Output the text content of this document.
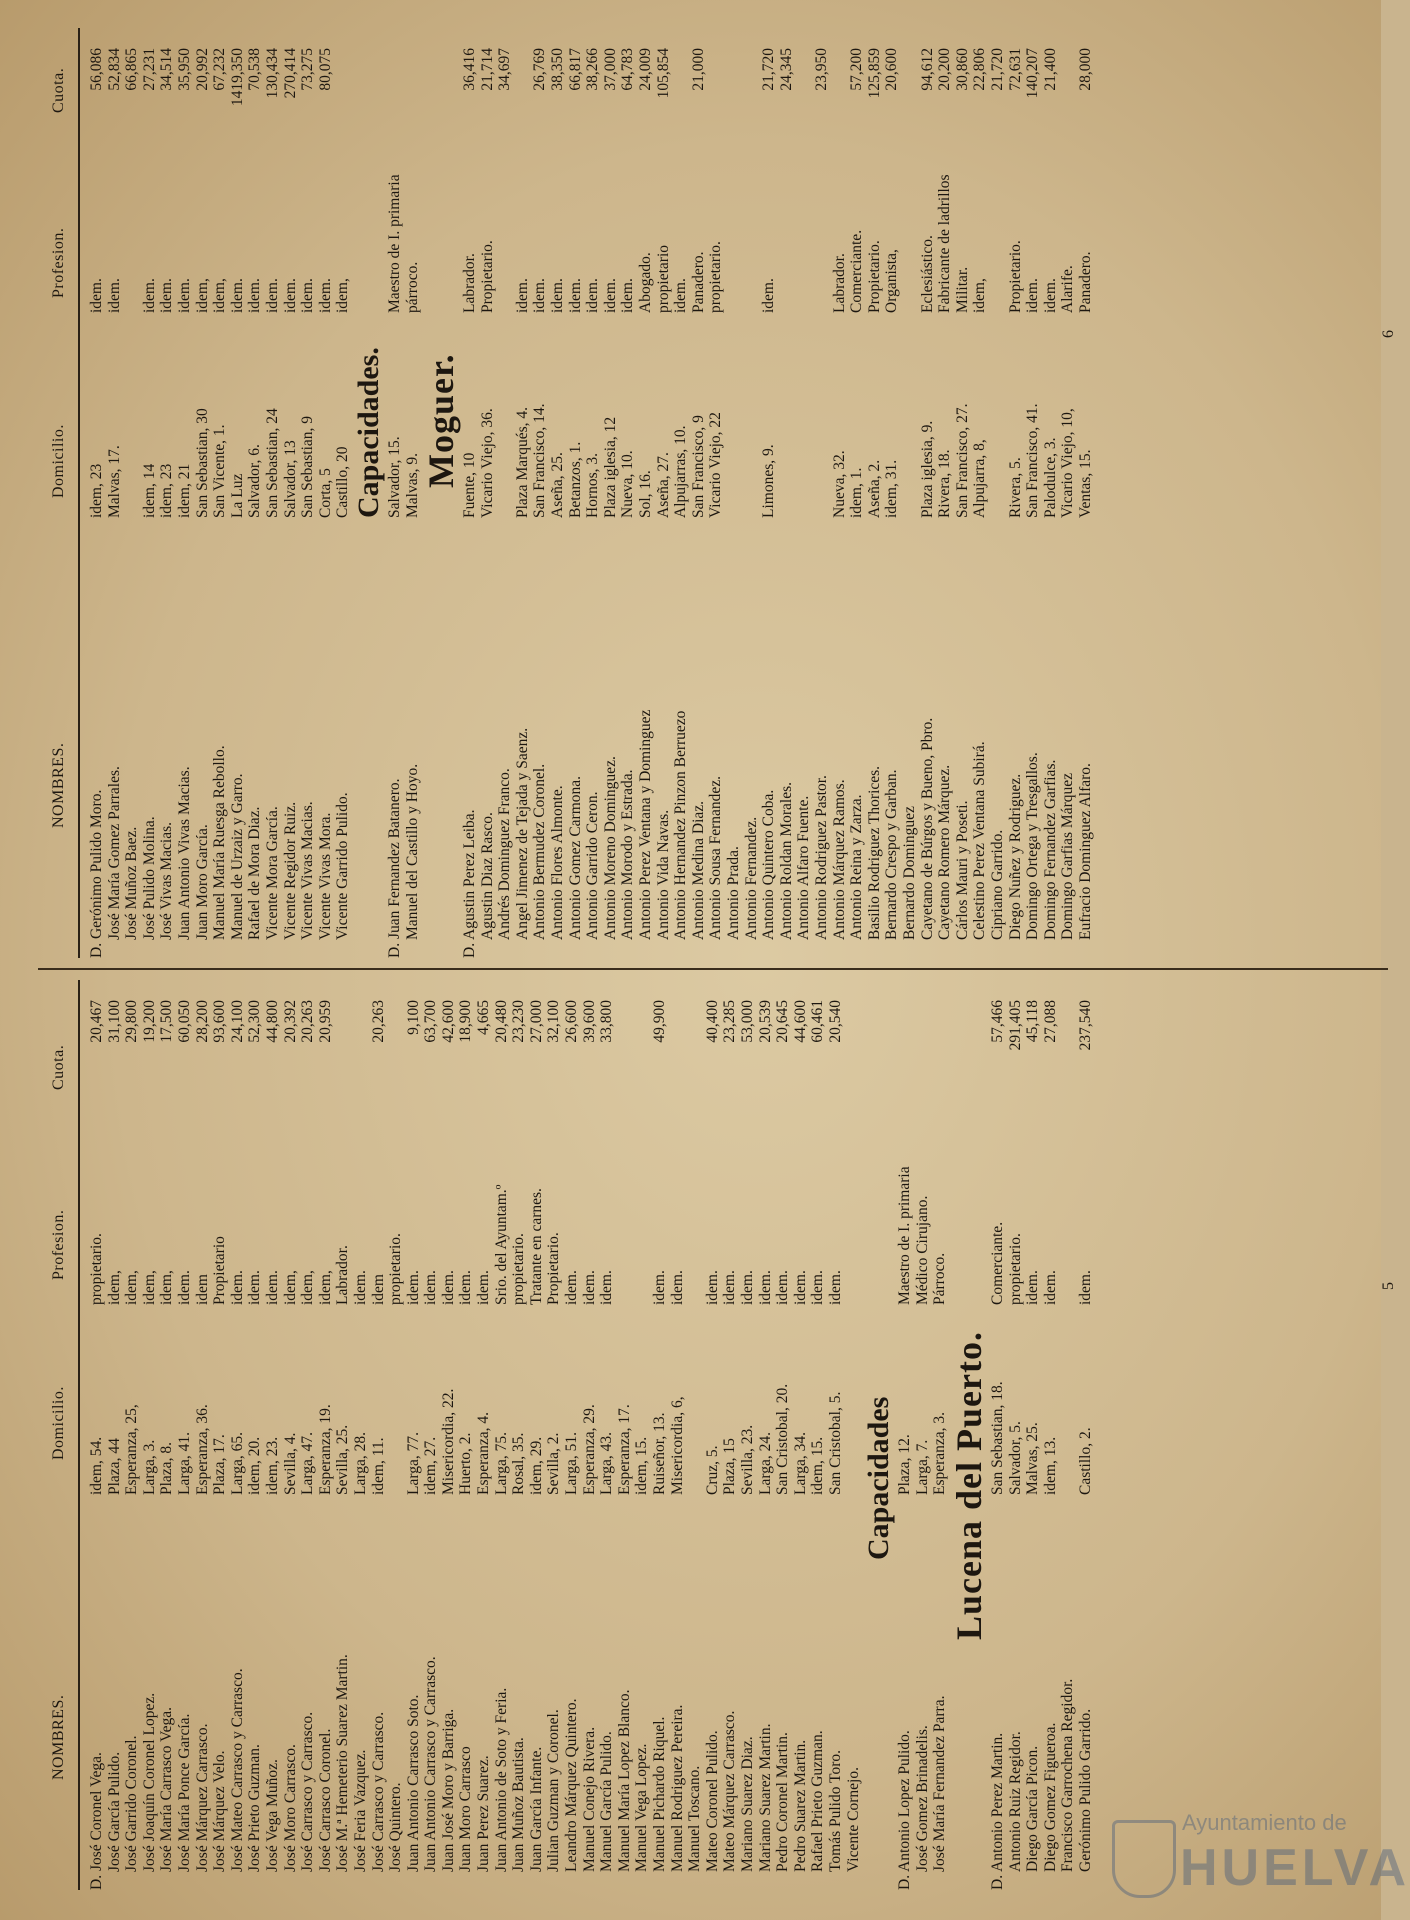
NOMBRES.
Domicilio.
Profesion.
Cuota.
D. José Coronel Vega.
idem, 54.
propietario.
20,467
José García Pulido.
Plaza, 44
idem,
31,100
José Garrido Coronel.
Esperanza, 25,
idem,
29,800
José Joaquín Coronel Lopez.
Larga, 3.
idem,
19,200
José María Carrasco Vega.
Plaza, 8.
idem,
17,500
José María Ponce García.
Larga, 41.
idem.
60,050
José Márquez Carrasco.
Esperanza, 36.
idem
28,200
José Márquez Velo.
Plaza, 17.
Propietario
93,600
José Mateo Carrasco y Carrasco.
Larga, 65.
idem.
24,100
José Prieto Guzman.
idem, 20.
idem.
52,300
José Vega Muñoz.
idem, 23.
idem.
44,800
José Moro Carrasco.
Sevilla, 4.
idem,
20,392
José Carrasco y Carrasco.
Larga, 47.
idem,
20,263
José Carrasco Coronel.
Esperanza, 19.
idem,
20,959
José M.ª Hemeterio Suarez Martin.
Sevilla, 25.
Labrador.
José Feria Vazquez.
Larga, 28.
idem.
José Carrasco y Carrasco.
idem, 11.
idem
20,263
José Quintero.
propietario.
Juan Antonio Carrasco Soto.
Larga, 77.
idem.
9,100
Juan Antonio Carrasco y Carrasco.
idem, 27.
idem.
63,700
Juan José Moro y Barriga.
Misericordia, 22.
idem.
42,600
Juan Moro Carrasco
Huerto, 2.
idem.
18,900
Juan Perez Suarez.
Esperanza, 4.
idem.
4,665
Juan Antonio de Soto y Feria.
Larga, 75.
Srio. del Ayuntam.º
20,480
Juan Muñoz Bautista.
Rosal, 35.
propietario.
23,230
Juan García Infante.
idem, 29.
Tratante en carnes.
27,000
Julian Guzman y Coronel.
Sevilla, 2.
Propietario.
32,100
Leandro Márquez Quintero.
Larga, 51.
idem.
26,600
Manuel Conejo Rivera.
Esperanza, 29.
idem.
39,600
Manuel García Pulido.
Larga, 43.
idem.
33,800
Manuel María Lopez Blanco.
Esperanza, 17.
Manuel Vega Lopez.
idem, 15.
Manuel Pichardo Riquel.
Ruiseñor, 13.
idem.
49,900
Manuel Rodriguez Pereira.
Misericordia, 6,
idem.
Manuel Toscano. Mateo Coronel Pulido.
Cruz, 5.
idem.
40,400
Mateo Márquez Carrasco.
Plaza, 15
idem.
23,285
Mariano Suarez Diaz.
Sevilla, 23.
idem.
53,000
Mariano Suarez Martin.
Larga, 24.
idem.
20,539
Pedro Coronel Martin.
San Cristobal, 20.
idem.
20,645
Pedro Suarez Martin.
Larga, 34.
idem.
44,600
Rafael Prieto Guzman.
idem, 15.
idem.
60,461
Tomás Pulido Toro.
San Cristobal, 5.
idem.
20,540
Vicente Cornejo.
Capacidades
D. Antonio Lopez Pulido.
Plaza, 12.
Maestro de I. primaria
José Gomez Brinadelis.
Larga, 7.
Médico Cirujano.
José María Fernandez Parra.
Esperanza, 3.
Párroco.
Lucena del Puerto.
D. Antonio Perez Martin.
San Sebastian, 18.
Comerciante.
57,466
Antonio Ruiz Regidor.
Salvador, 5.
propietario.
291,405
Diego García Picon.
Malvas, 25.
idem.
45,118
Diego Gomez Figueroa.
idem, 13.
idem.
27,088
Francisco Garrochena Regidor. Gerónimo Pulido Garrido.
Castillo, 2.
idem.
237,540
5
NOMBRES.
Domicilio.
Profesion.
Cuota.
D. Gerónimo Pulido Moro.
idem, 23
idem.
56,086
José María Gomez Parrales.
Malvas, 17.
idem.
52,834
José Muñoz Baez.
66,865
José Pulido Molina.
idem, 14
idem.
27,231
José Vivas Macias.
idem, 23
idem.
34,514
Juan Antonio Vivas Macias.
idem, 21
idem.
35,950
Juan Moro García.
San Sebastian, 30
idem,
20,992
Manuel María Ruesga Rebollo.
San Vicente, 1.
idem,
67,232
Manuel de Urzaiz y Garro.
La Luz
idem.
1419,350
Rafael de Mora Diaz.
Salvador, 6.
idem.
70,538
Vicente Mora García.
San Sebastian, 24
idem.
130,434
Vicente Regidor Ruiz.
Salvador, 13
idem.
270,414
Vicente Vivas Macias.
San Sebastian, 9
idem.
73,275
Vicente Vivas Mora.
Corta, 5
idem.
80,075
Vicente Garrido Pulido.
Castillo, 20
idem,
Capacidades.
D. Juan Fernandez Batanero.
Salvador, 15.
Maestro de I. primaria
Manuel del Castillo y Hoyo.
Malvas, 9.
párroco.
Moguer.
D. Agustin Perez Leiba.
Fuente, 10
Labrador.
36,416
Agustin Diaz Rasco.
Vicario Viejo, 36.
Propietario.
21,714
Andrés Dominguez Franco.
34,697
Angel Jimenez de Tejada y Saenz.
Plaza Marqués, 4.
idem.
Antonio Bermudez Coronel.
San Francisco, 14.
idem.
26,769
Antonio Flores Almonte.
Aseña, 25.
idem.
38,350
Antonio Gomez Carmona.
Betanzos, 1.
idem.
66,817
Antonio Garrido Ceron.
Hornos, 3.
idem.
38,266
Antonio Moreno Dominguez.
Plaza iglesia, 12
idem.
37,000
Antonio Morodo y Estrada.
Nueva, 10.
idem.
64,783
Antonio Perez Ventana y Dominguez
Sol, 16.
Abogado.
24,009
Antonio Vida Navas.
Aseña, 27.
propietario
105,854
Antonio Hernandez Pinzon Berruezo
Alpujarras, 10.
idem.
Antonio Medina Diaz.
San Francisco, 9
Panadero.
21,000
Antonio Sousa Fernandez.
Vicario Viejo, 22
propietario.
Antonio Prada. Antonio Fernandez. Antonio Quintero Coba.
Limones, 9.
idem.
21,720
Antonio Roldan Morales.
24,345
Antonio Alfaro Fuente. Antonio Rodriguez Pastor.
23,950
Antonio Márquez Ramos.
Nueva, 32.
Labrador.
Antonio Reina y Zarza.
idem, 1.
Comerciante.
57,200
Basilio Rodriguez Thorices.
Aseña, 2.
Propietario.
125,859
Bernardo Crespo y Garban.
idem, 31.
Organista,
20,600
Bernardo Dominguez Cayetano de Búrgos y Bueno, Pbro.
Plaza iglesia, 9.
Eclesiástico.
94,612
Cayetano Romero Márquez.
Rivera, 18.
Fabricante de ladrillos
20,200
Cárlos Mauri y Poseti.
San Francisco, 27.
Militar.
30,860
Celestino Perez Ventana Subirá.
Alpujarra, 8,
idem,
22,806
Cipriano Garrido.
21,720
Diego Nuñez y Rodriguez.
Rivera, 5.
Propietario.
72,631
Domingo Ortega y Tresgallos.
San Francisco, 41.
idem.
140,207
Domingo Fernandez Garfias.
Palodulce, 3.
idem.
21,400
Domingo Garfias Márquez
Vicario Viejo, 10,
Alarife.
Eufracio Dominguez Alfaro.
Ventas, 15.
Panadero.
28,000
6
Ayuntamiento de
HUELVA
